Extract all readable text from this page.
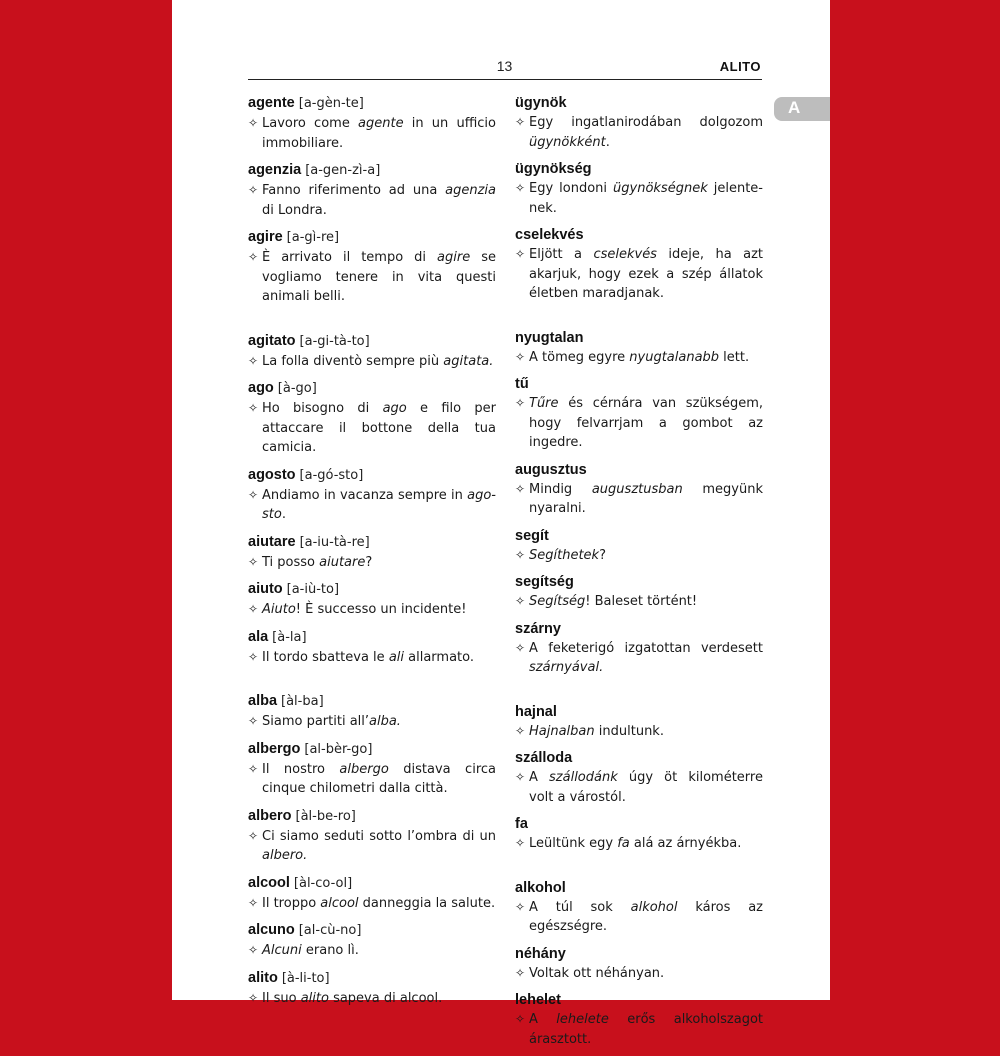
13	ALITO
A
agente [a-gèn-te]
✧ Lavoro come agente in un ufficio immobiliare.
agenzia [a-gen-zì-a]
✧ Fanno riferimento ad una agenzia di Londra.
agire [a-gì-re]
✧ È arrivato il tempo di agire se vogliamo tenere in vita questi animali belli.
agitato [a-gi-tà-to]
✧ La folla diventò sempre più agitata.
ago [à-go]
✧ Ho bisogno di ago e filo per attaccare il bottone della tua camicia.
agosto [a-gó-sto]
✧ Andiamo in vacanza sempre in agosto.
aiutare [a-iu-tà-re]
✧ Ti posso aiutare?
aiuto [a-iù-to]
✧ Aiuto! È successo un incidente!
ala [à-la]
✧ Il tordo sbatteva le ali allarmato.
alba [àl-ba]
✧ Siamo partiti all’alba.
albergo [al-bèr-go]
✧ Il nostro albergo distava circa cinque chilometri dalla città.
albero [àl-be-ro]
✧ Ci siamo seduti sotto l’ombra di un albero.
alcool [àl-co-ol]
✧ Il troppo alcool danneggia la salute.
alcuno [al-cù-no]
✧ Alcuni erano lì.
alito [à-li-to]
✧ Il suo alito sapeva di alcool.
ügynök
✧ Egy ingatlanirodában dolgozom ügynökként.
ügynökség
✧ Egy londoni ügynökségnek jelentenek.
cselekvés
✧ Eljött a cselekvés ideje, ha azt akarjuk, hogy ezek a szép állatok életben maradjanak.
nyugtalan
✧ A tömeg egyre nyugtalanabb lett.
tű
✧ Tűre és cérnára van szükségem, hogy felvarrjam a gombot az ingedre.
augusztus
✧ Mindig augusztusban megyünk nyaralni.
segít
✧ Segíthetek?
segítség
✧ Segítség! Baleset történt!
szárny
✧ A feketerigó izgatottan verdesett szárnyával.
hajnal
✧ Hajnalban indultunk.
szálloda
✧ A szállodánk úgy öt kilométerre volt a várostól.
fa
✧ Leültünk egy fa alá az árnyékba.
alkohol
✧ A túl sok alkohol káros az egészségre.
néhány
✧ Voltak ott néhányan.
lehelet
✧ A lehelete erős alkoholszagot árasztott.
